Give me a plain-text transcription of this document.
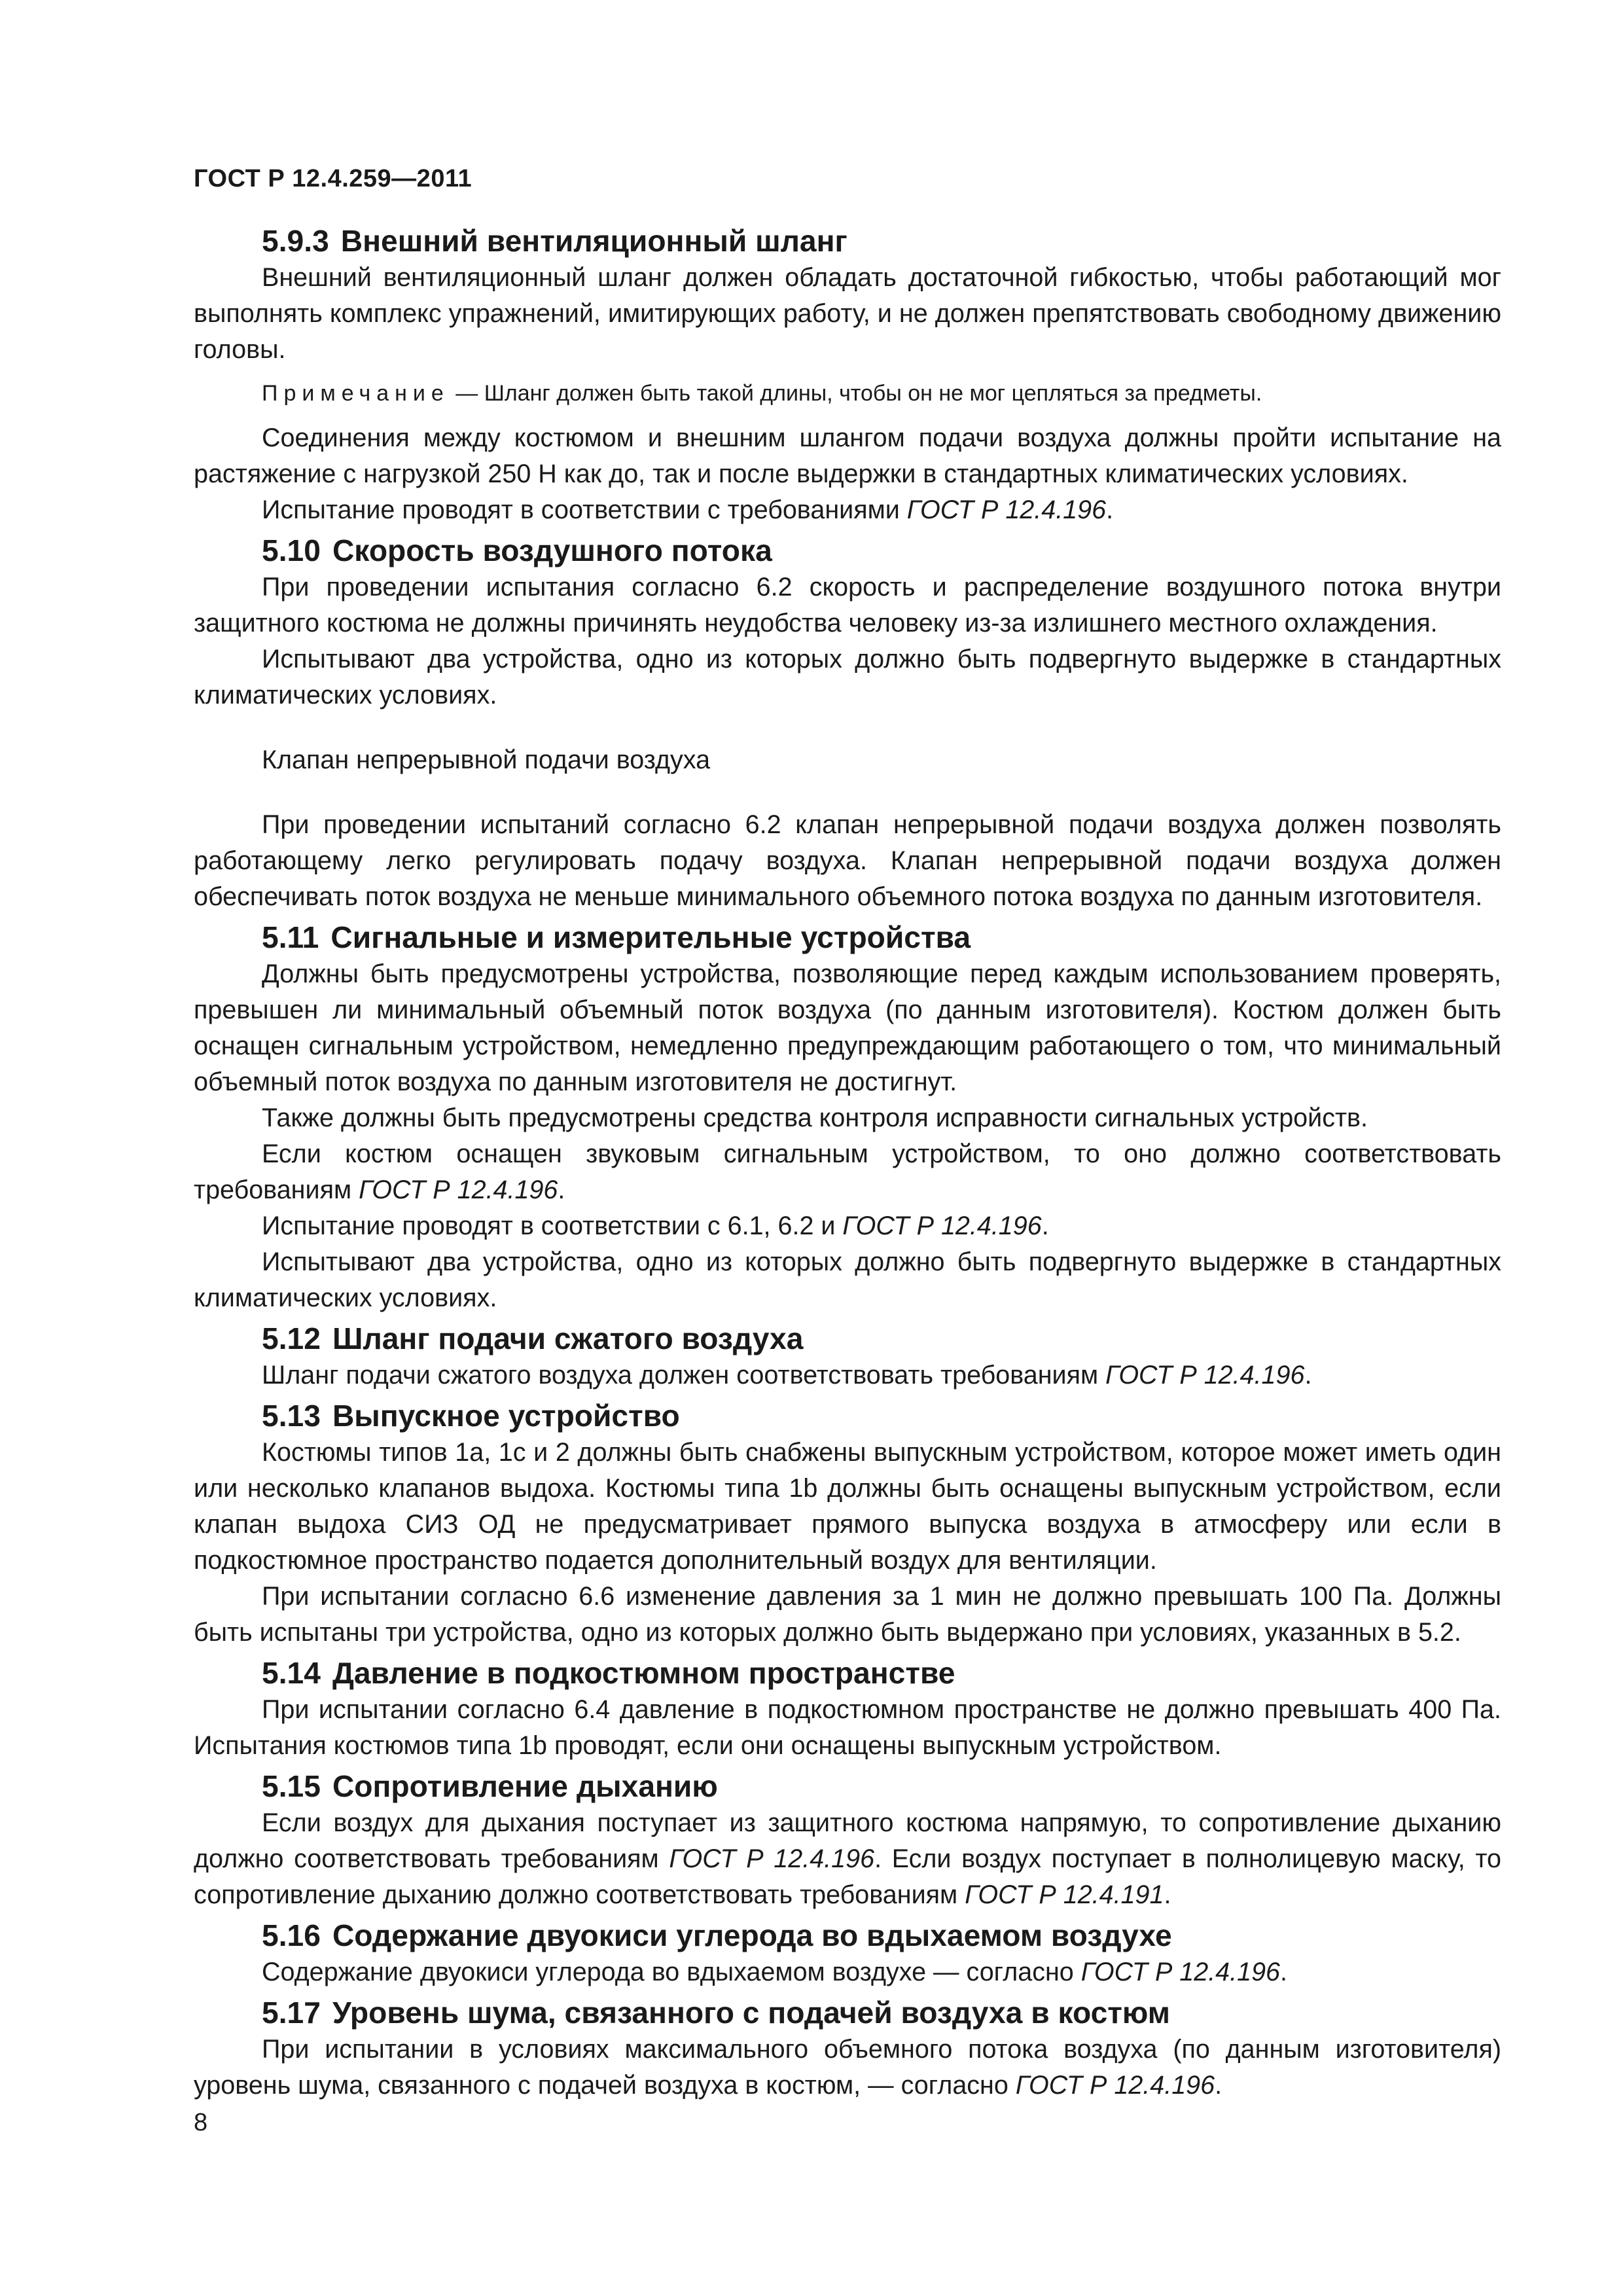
ГОСТ Р 12.4.259—2011
5.9.3 Внешний вентиляционный шланг

Внешний вентиляционный шланг должен обладать достаточной гибкостью, чтобы работающий мог выполнять комплекс упражнений, имитирующих работу, и не должен препятствовать свободному движению головы.

Примечание — Шланг должен быть такой длины, чтобы он не мог цепляться за предметы.

Соединения между костюмом и внешним шлангом подачи воздуха должны пройти испытание на растяжение с нагрузкой 250 Н как до, так и после выдержки в стандартных климатических условиях.

Испытание проводят в соответствии с требованиями ГОСТ Р 12.4.196.

5.10 Скорость воздушного потока

При проведении испытания согласно 6.2 скорость и распределение воздушного потока внутри защитного костюма не должны причинять неудобства человеку из-за излишнего местного охлаждения.

Испытывают два устройства, одно из которых должно быть подвергнуто выдержке в стандартных климатических условиях.

Клапан непрерывной подачи воздуха

При проведении испытаний согласно 6.2 клапан непрерывной подачи воздуха должен позволять работающему легко регулировать подачу воздуха. Клапан непрерывной подачи воздуха должен обеспечивать поток воздуха не меньше минимального объемного потока воздуха по данным изготовителя.

5.11 Сигнальные и измерительные устройства

Должны быть предусмотрены устройства, позволяющие перед каждым использованием проверять, превышен ли минимальный объемный поток воздуха (по данным изготовителя). Костюм должен быть оснащен сигнальным устройством, немедленно предупреждающим работающего о том, что минимальный объемный поток воздуха по данным изготовителя не достигнут.

Также должны быть предусмотрены средства контроля исправности сигнальных устройств.

Если костюм оснащен звуковым сигнальным устройством, то оно должно соответствовать требованиям ГОСТ Р 12.4.196.

Испытание проводят в соответствии с 6.1, 6.2 и ГОСТ Р 12.4.196.

Испытывают два устройства, одно из которых должно быть подвергнуто выдержке в стандартных климатических условиях.

5.12 Шланг подачи сжатого воздуха

Шланг подачи сжатого воздуха должен соответствовать требованиям ГОСТ Р 12.4.196.

5.13 Выпускное устройство

Костюмы типов 1а, 1с и 2 должны быть снабжены выпускным устройством, которое может иметь один или несколько клапанов выдоха. Костюмы типа 1b должны быть оснащены выпускным устройством, если клапан выдоха СИЗ ОД не предусматривает прямого выпуска воздуха в атмосферу или если в подкостюмное пространство подается дополнительный воздух для вентиляции.

При испытании согласно 6.6 изменение давления за 1 мин не должно превышать 100 Па. Должны быть испытаны три устройства, одно из которых должно быть выдержано при условиях, указанных в 5.2.

5.14 Давление в подкостюмном пространстве

При испытании согласно 6.4 давление в подкостюмном пространстве не должно превышать 400 Па. Испытания костюмов типа 1b проводят, если они оснащены выпускным устройством.

5.15 Сопротивление дыханию

Если воздух для дыхания поступает из защитного костюма напрямую, то сопротивление дыханию должно соответствовать требованиям ГОСТ Р 12.4.196. Если воздух поступает в полнолицевую маску, то сопротивление дыханию должно соответствовать требованиям ГОСТ Р 12.4.191.

5.16 Содержание двуокиси углерода во вдыхаемом воздухе

Содержание двуокиси углерода во вдыхаемом воздухе — согласно ГОСТ Р 12.4.196.

5.17 Уровень шума, связанного с подачей воздуха в костюм

При испытании в условиях максимального объемного потока воздуха (по данным изготовителя) уровень шума, связанного с подачей воздуха в костюм, — согласно ГОСТ Р 12.4.196.

8
